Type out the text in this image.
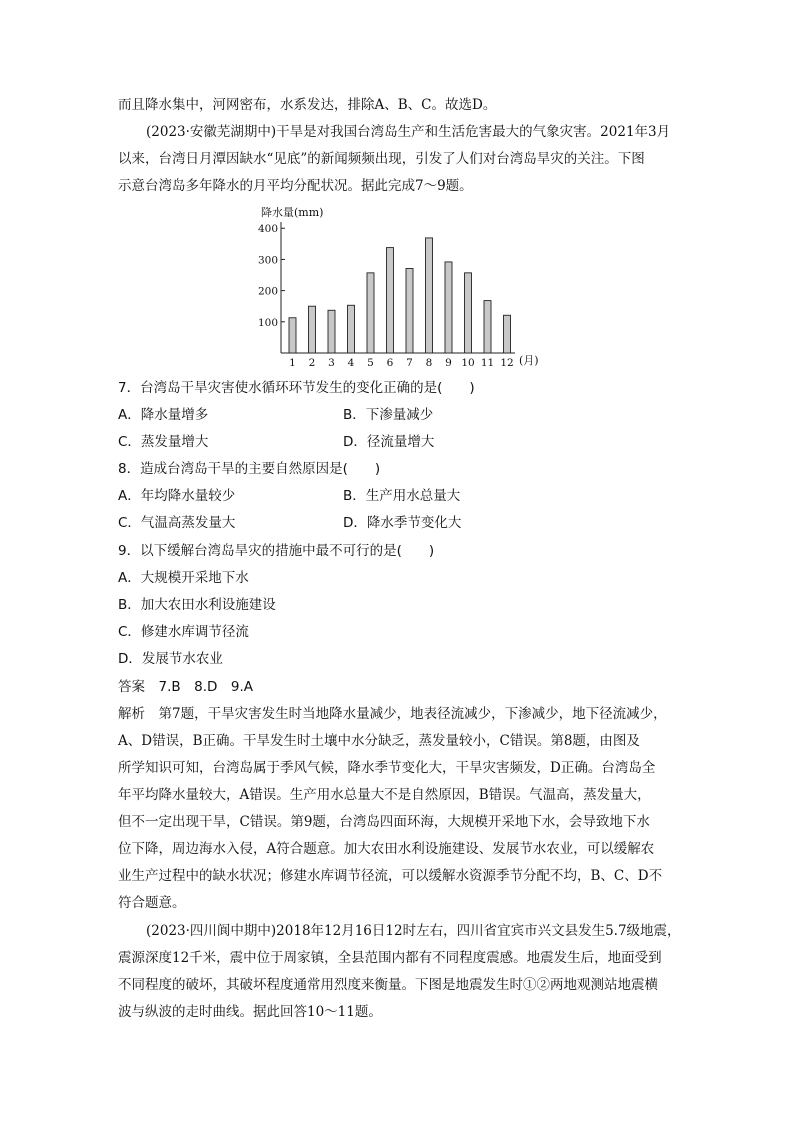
而且降水集中，河网密布，水系发达，排除A、B、C。故选D。
(2023·安徽芜湖期中)干旱是对我国台湾岛生产和生活危害最大的气象灾害。2021年3月
以来，台湾日月潭因缺水“见底”的新闻频频出现，引发了人们对台湾岛旱灾的关注。下图
示意台湾岛多年降水的月平均分配状况。据此完成7～9题。
降水量(mm)
100
200
300
400
1 2 3 4 5 6 7 8 9 10 11 12 (月)
7．台湾岛干旱灾害使水循环环节发生的变化正确的是(　　)
A．降水量增多	B．下渗量减少
C．蒸发量增大	D．径流量增大
8．造成台湾岛干旱的主要自然原因是(　　)
A．年均降水量较少	B．生产用水总量大
C．气温高蒸发量大	D．降水季节变化大
9．以下缓解台湾岛旱灾的措施中最不可行的是(　　)
A．大规模开采地下水
B．加大农田水利设施建设
C．修建水库调节径流
D．发展节水农业
答案　7.B　8.D　9.A
解析　第7题，干旱灾害发生时当地降水量减少，地表径流减少，下渗减少，地下径流减少，
A、D错误，B正确。干旱发生时土壤中水分缺乏，蒸发量较小，C错误。第8题，由图及
所学知识可知，台湾岛属于季风气候，降水季节变化大，干旱灾害频发，D正确。台湾岛全
年平均降水量较大，A错误。生产用水总量大不是自然原因，B错误。气温高，蒸发量大，
但不一定出现干旱，C错误。第9题，台湾岛四面环海，大规模开采地下水，会导致地下水
位下降，周边海水入侵，A符合题意。加大农田水利设施建设、发展节水农业，可以缓解农
业生产过程中的缺水状况；修建水库调节径流，可以缓解水资源季节分配不均，B、C、D不
符合题意。
(2023·四川阆中期中)2018年12月16日12时左右，四川省宜宾市兴文县发生5.7级地震，
震源深度12千米，震中位于周家镇，全县范围内都有不同程度震感。地震发生后，地面受到
不同程度的破坏，其破坏程度通常用烈度来衡量。下图是地震发生时①②两地观测站地震横
波与纵波的走时曲线。据此回答10～11题。
